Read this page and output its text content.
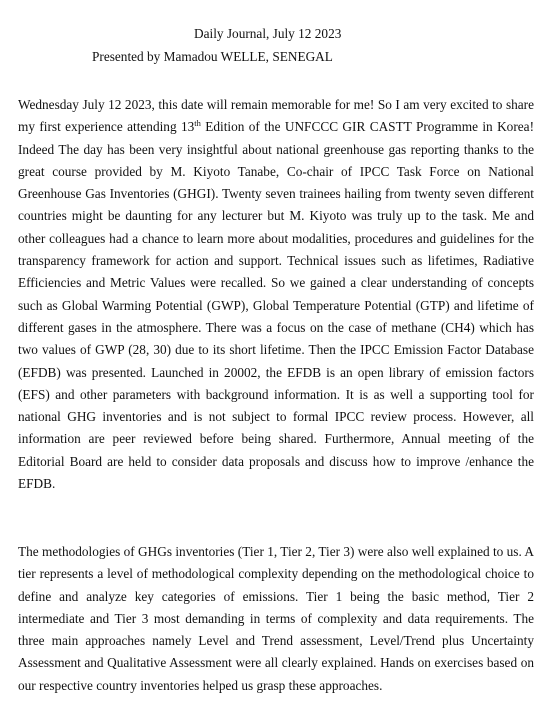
Daily Journal, July 12 2023
Presented by Mamadou WELLE, SENEGAL

Wednesday July 12 2023, this date will remain memorable for me! So I am very excited to share my first experience attending 13th Edition of the UNFCCC GIR CASTT Programme in Korea! Indeed The day has been very insightful about national greenhouse gas reporting thanks to the great course provided by M. Kiyoto Tanabe, Co-chair of IPCC Task Force on National Greenhouse Gas Inventories (GHGI). Twenty seven trainees hailing from twenty seven different countries might be daunting for any lecturer but M. Kiyoto was truly up to the task. Me and other colleagues had a chance to learn more about modalities, procedures and guidelines for the transparency framework for action and support. Technical issues such as lifetimes, Radiative Efficiencies and Metric Values were recalled. So we gained a clear understanding of concepts such as Global Warming Potential (GWP), Global Temperature Potential (GTP) and lifetime of different gases in the atmosphere. There was a focus on the case of methane (CH4) which has two values of GWP (28, 30) due to its short lifetime. Then the IPCC Emission Factor Database (EFDB) was presented. Launched in 20002, the EFDB is an open library of emission factors (EFS) and other parameters with background information. It is as well a supporting tool for national GHG inventories and is not subject to formal IPCC review process. However, all information are peer reviewed before being shared. Furthermore, Annual meeting of the Editorial Board are held to consider data proposals and discuss how to improve /enhance the EFDB.

The methodologies of GHGs inventories (Tier 1, Tier 2, Tier 3) were also well explained to us. A tier represents a level of methodological complexity depending on the methodological choice to define and analyze key categories of emissions. Tier 1 being the basic method, Tier 2 intermediate and Tier 3 most demanding in terms of complexity and data requirements. The three main approaches namely Level and Trend assessment, Level/Trend plus Uncertainty Assessment and Qualitative Assessment were all clearly explained. Hands on exercises based on our respective country inventories helped us grasp these approaches.
